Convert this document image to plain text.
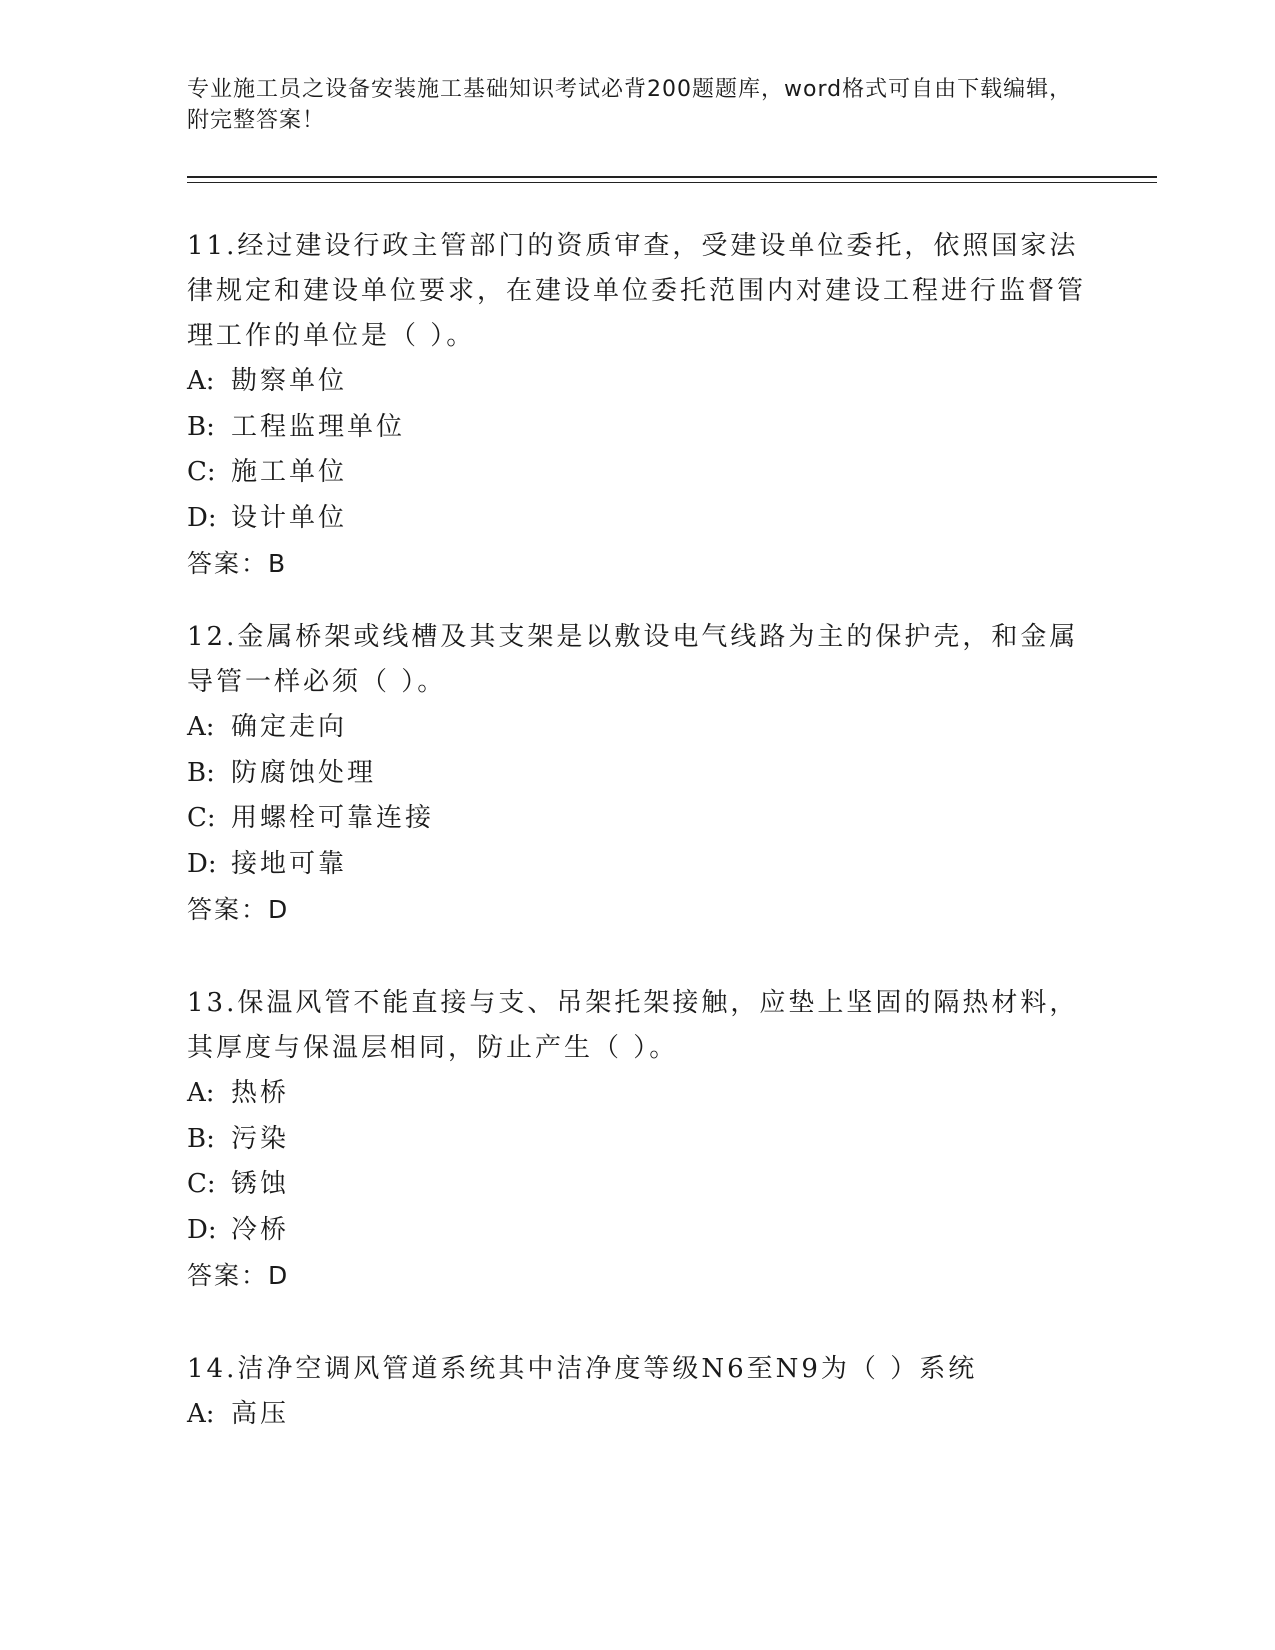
专业施工员之设备安装施工基础知识考试必背200题题库，word格式可自由下载编辑，附完整答案！

11.经过建设行政主管部门的资质审查，受建设单位委托，依照国家法律规定和建设单位要求，在建设单位委托范围内对建设工程进行监督管理工作的单位是（ ）。

A: 勘察单位

B: 工程监理单位

C: 施工单位

D: 设计单位

答案：B

12.金属桥架或线槽及其支架是以敷设电气线路为主的保护壳，和金属导管一样必须（ ）。

A: 确定走向

B: 防腐蚀处理

C: 用螺栓可靠连接

D: 接地可靠

答案：D

13.保温风管不能直接与支、吊架托架接触，应垫上坚固的隔热材料，其厚度与保温层相同，防止产生（ ）。

A: 热桥

B: 污染

C: 锈蚀

D: 冷桥

答案：D

14.洁净空调风管道系统其中洁净度等级N6至N9为（ ）系统

A: 高压
